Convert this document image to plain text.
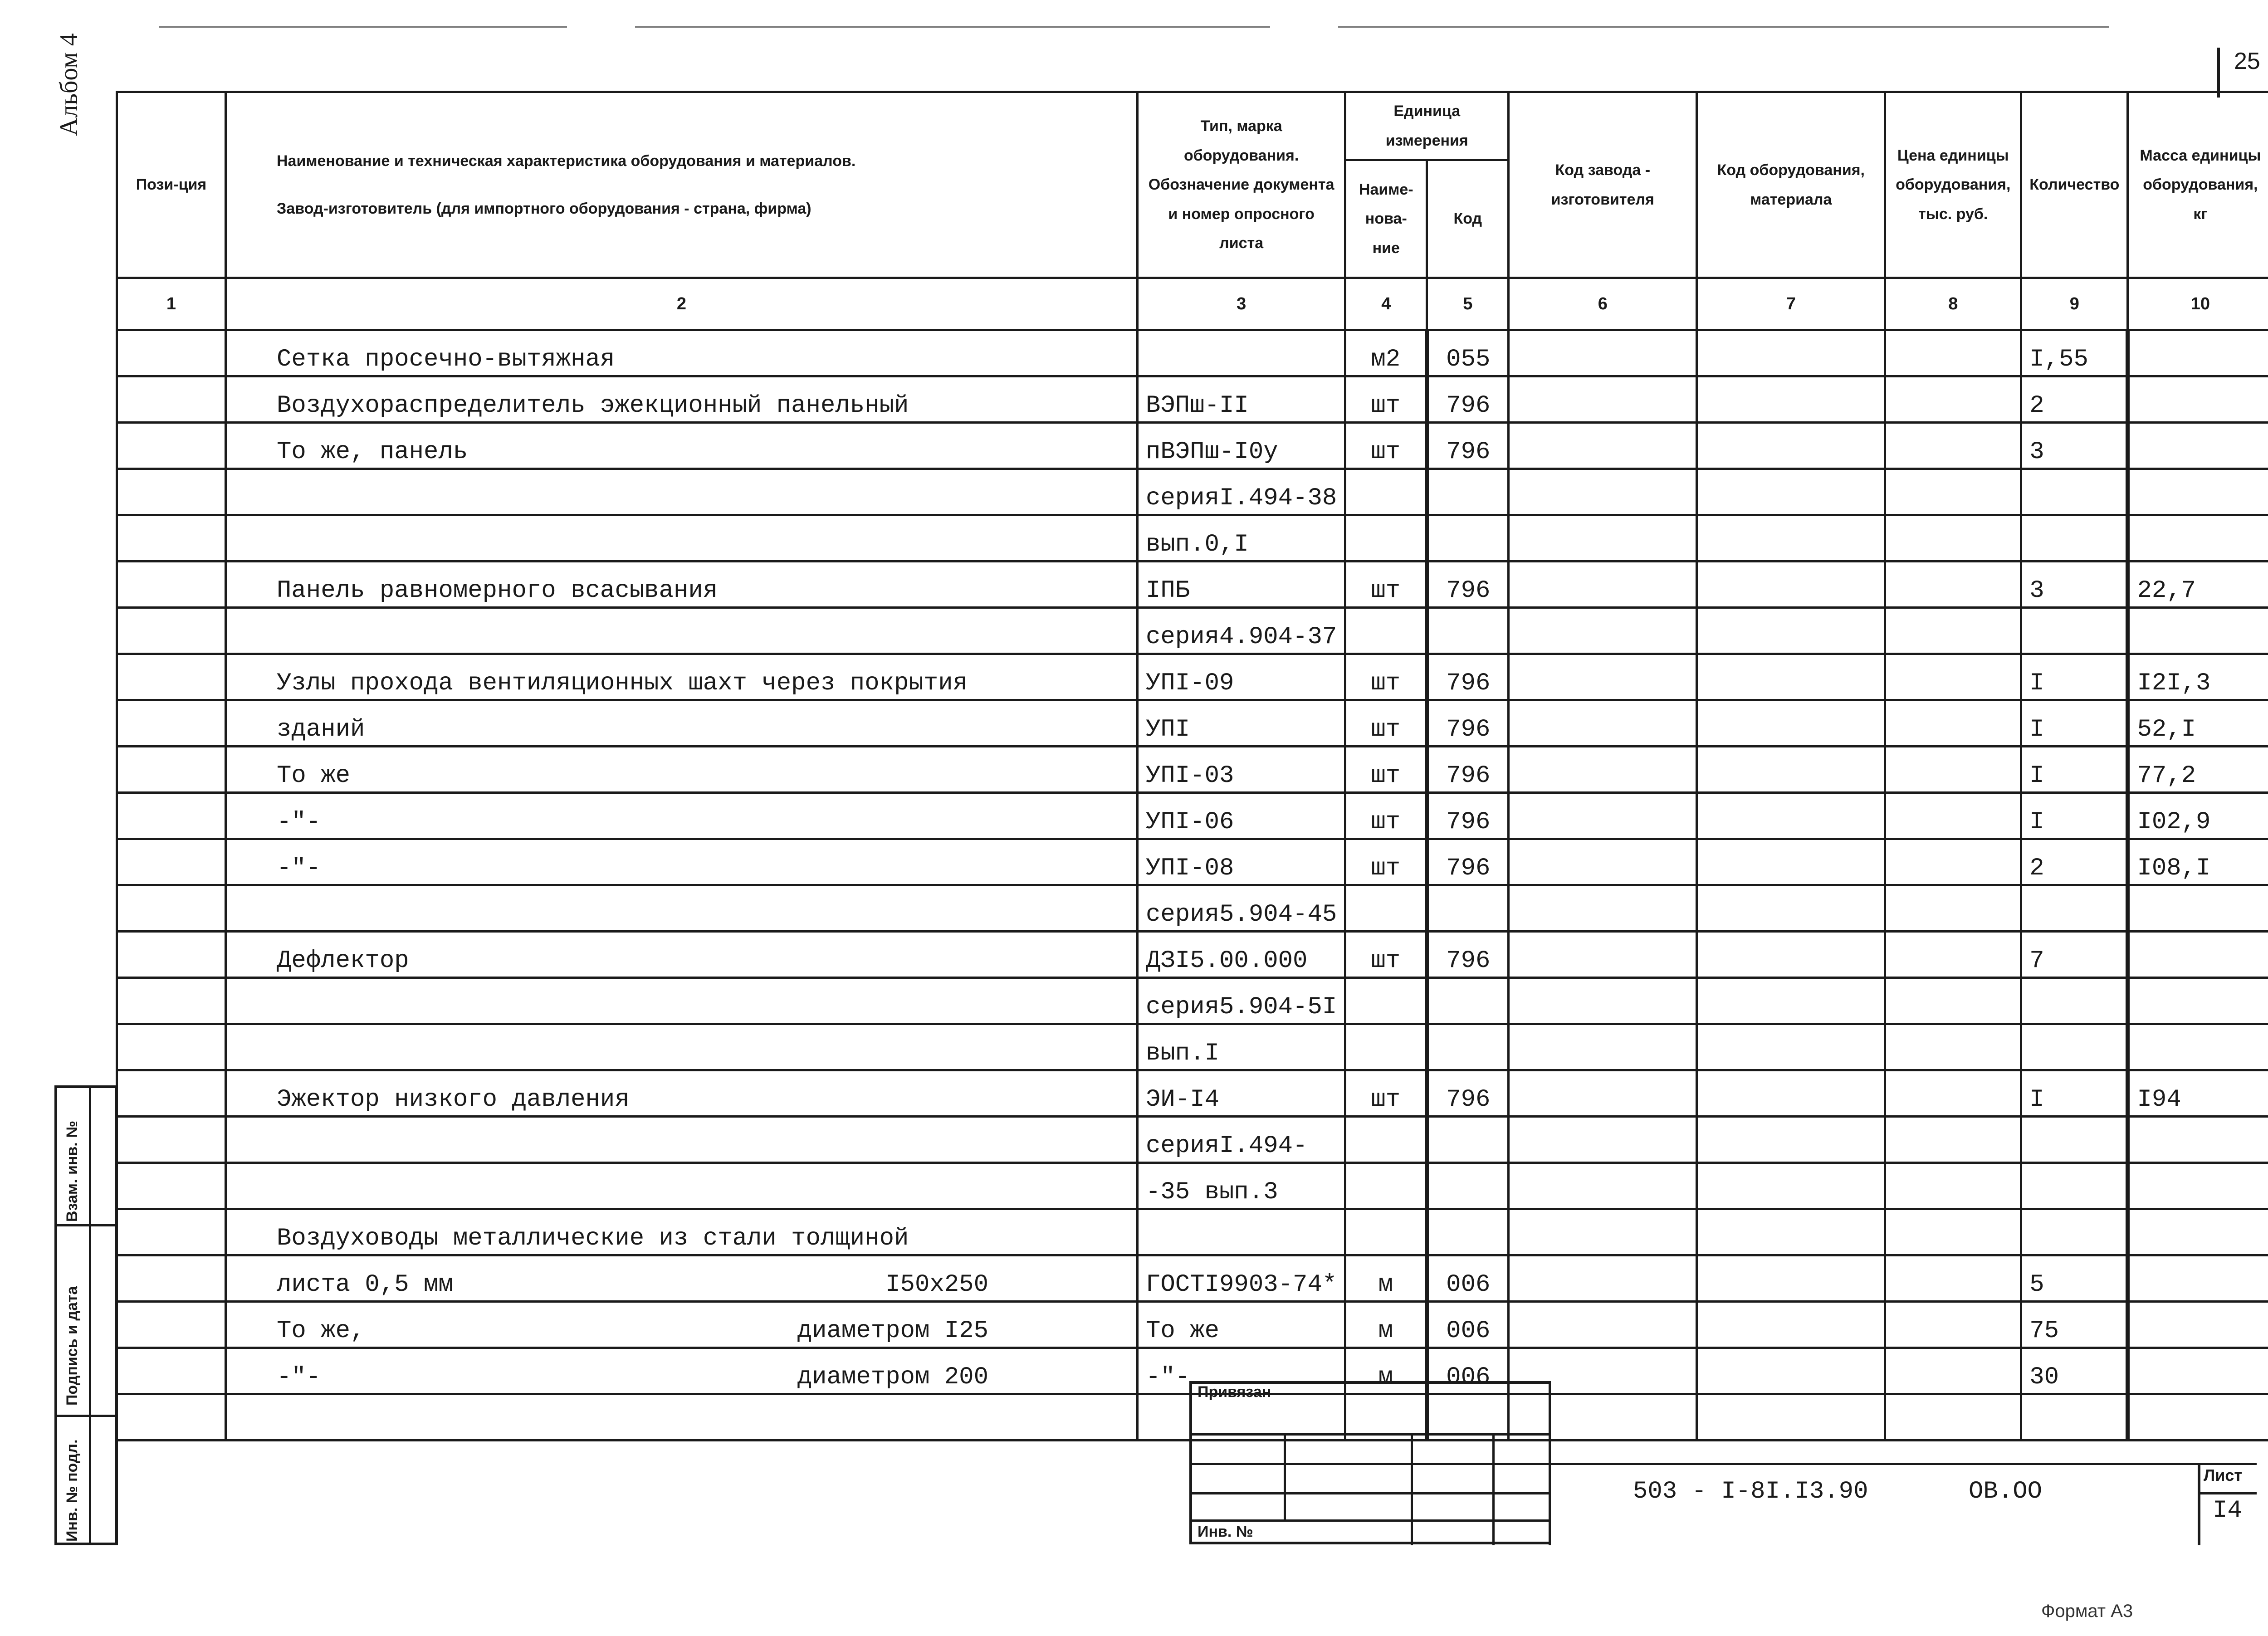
25
Альбом 4
Пози-ция	Наименование и техническая характеристика оборудования и материалов.
Завод-изготовитель (для импортного оборудования - страна, фирма)	Тип, марка оборудования. Обозначение документа и номер опросного листа	Единица измерения		Код завода - изготовителя	Код оборудования, материала	Цена единицы оборудования, тыс. руб.	Количество	Масса единицы оборудования, кг
			Наиме-нова-ние	Код					
1	2	3	4	5	6	7	8	9	10

	Сетка просечно-вытяжная		м2	055				I,55	

	Воздухораспределитель эжекционный панельный	ВЭПш-II	шт	796				2	

	То же, панель	пВЭПш-I0у	шт	796				3	

	серияI.494-38							

	вып.0,I							

	Панель равномерного всасывания	IПБ	шт	796				3	22,7

	серия4.904-37							

	Узлы прохода вентиляционных шахт через покрытия	УПI-09	шт	796				I	I2I,3

	зданий	УПI	шт	796				I	52,I

	То же	УПI-03	шт	796				I	77,2

	-"-	УПI-06	шт	796				I	I02,9

	-"-	УПI-08	шт	796				2	I08,I

	серия5.904-45							

	Дефлектор	ДЗI5.00.000	шт	796				7	

	серия5.904-5I							

	вып.I							

	Эжектор низкого давления	ЭИ-I4	шт	796				I	I94

	серияI.494-							

	-35 вып.3							

	Воздуховоды металлические из стали толщиной								

	листа 0,5 мм I50x250	ГОСТI9903-74*	м	006				5	

	То же, диаметром I25	То же	м	006				75	

	-"- диаметром 200	-"-	м	006				30	

Привязан
Инв. №
503 - I-8I.I3.90	ОВ.ОО
Лист
I4
Взам. инв. №
Подпись и дата
Инв. № подл.
Формат А3
